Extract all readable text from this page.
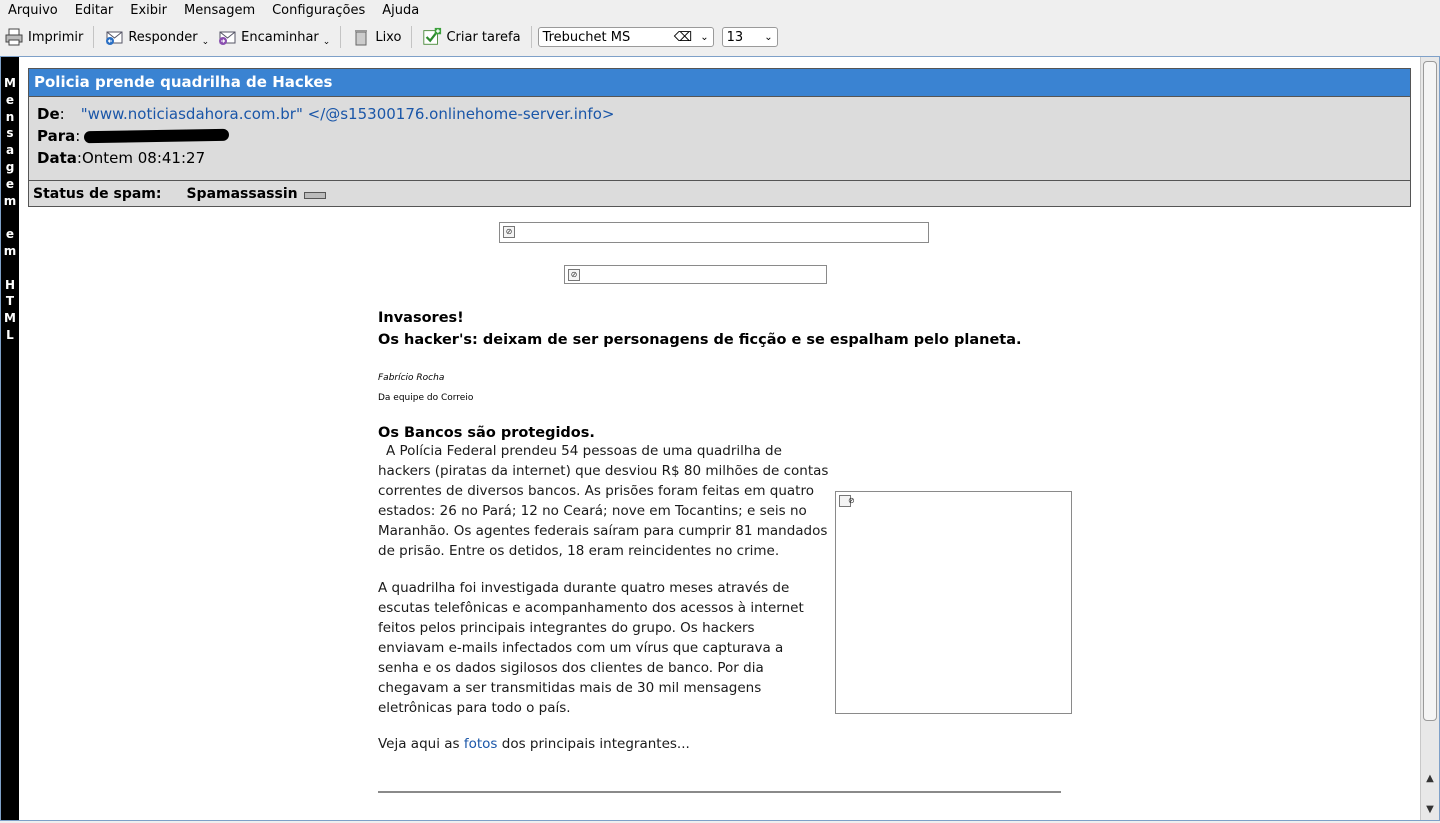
Arquivo	Editar	Exibir	Mensagem	Configurações	Ajuda
Imprimir	Responder ⌄ Encaminhar ⌄	Lixo	Criar tarefa Trebuchet MS	⌫ ⌄ 13 ⌄
M
e
n
s
a
g
e
m
e
m
H
T
M
L
Policia prende quadrilha de Hackes
De : "www.noticiasdahora.com.br" </@s15300176.onlinehome-server.info>
Para :
Data : Ontem 08:41:27
Status de spam: Spamassassin
⊘
⊘
Invasores!
Os hacker's: deixam de ser personagens de ficção e se espalham pelo planeta.
Fabrício Rocha
Da equipe do Correio
Os Bancos são protegidos.
⊘
A Polícia Federal prendeu 54 pessoas de uma quadrilha de hackers (piratas da internet) que desviou R$ 80 milhões de contas correntes de diversos bancos. As prisões foram feitas em quatro estados: 26 no Pará; 12 no Ceará; nove em Tocantins; e seis no Maranhão. Os agentes federais saíram para cumprir 81 mandados de prisão. Entre os detidos, 18 eram reincidentes no crime.
A quadrilha foi investigada durante quatro meses através de escutas telefônicas e acompanhamento dos acessos à internet feitos pelos principais integrantes do grupo. Os hackers enviavam e-mails infectados com um vírus que capturava a senha e os dados sigilosos dos clientes de banco. Por dia chegavam a ser transmitidas mais de 30 mil mensagens eletrônicas para todo o país.
Veja aqui as fotos dos principais integrantes...
▲
▼
